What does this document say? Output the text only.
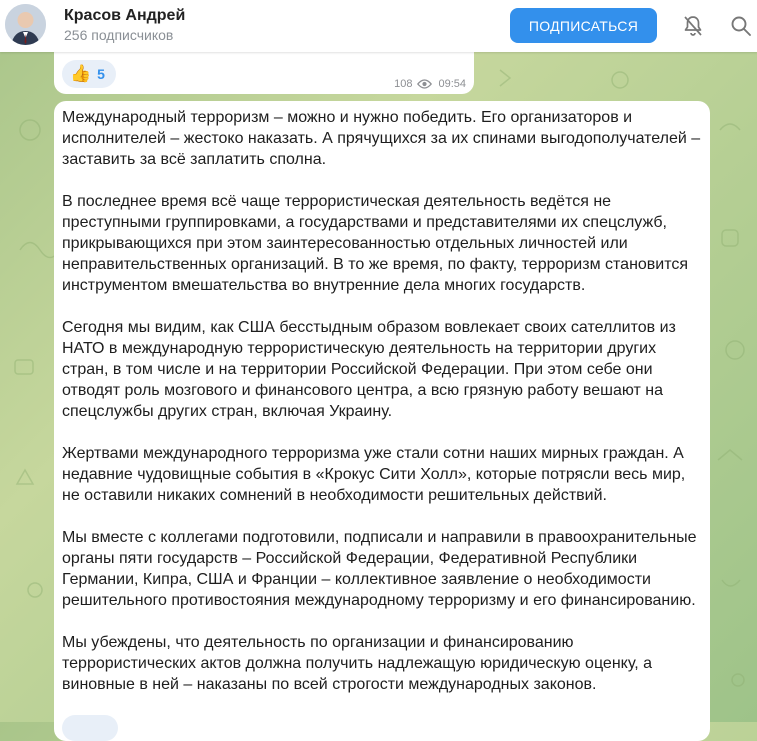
Красов Андрей
256 подписчиков
ПОДПИСАТЬСЯ
👍 5
108 09:54

Международный терроризм – можно и нужно победить. Его организаторов и исполнителей – жестоко наказать. А прячущихся за их спинами выгодополучателей – заставить за всё заплатить сполна.

В последнее время всё чаще террористическая деятельность ведётся не преступными группировками, а государствами и представителями их спецслужб, прикрывающихся при этом заинтересованностью отдельных личностей или неправительственных организаций. В то же время, по факту, терроризм становится инструментом вмешательства во внутренние дела многих государств.

Сегодня мы видим, как США бесстыдным образом вовлекает своих сателлитов из НАТО в международную террористическую деятельность на территории других стран, в том числе и на территории Российской Федерации. При этом себе они отводят роль мозгового и финансового центра, а всю грязную работу вешают на спецслужбы других стран, включая Украину.

Жертвами международного терроризма уже стали сотни наших мирных граждан. А недавние чудовищные события в «Крокус Сити Холл», которые потрясли весь мир, не оставили никаких сомнений в необходимости решительных действий.

Мы вместе с коллегами подготовили, подписали и направили в правоохранительные органы пяти государств – Российской Федерации, Федеративной Республики Германии, Кипра, США и Франции – коллективное заявление о необходимости решительного противостояния международному терроризму и его финансированию.

Мы убеждены, что деятельность по организации и финансированию террористических актов должна получить надлежащую юридическую оценку, а виновные в ней – наказаны по всей строгости международных законов.
